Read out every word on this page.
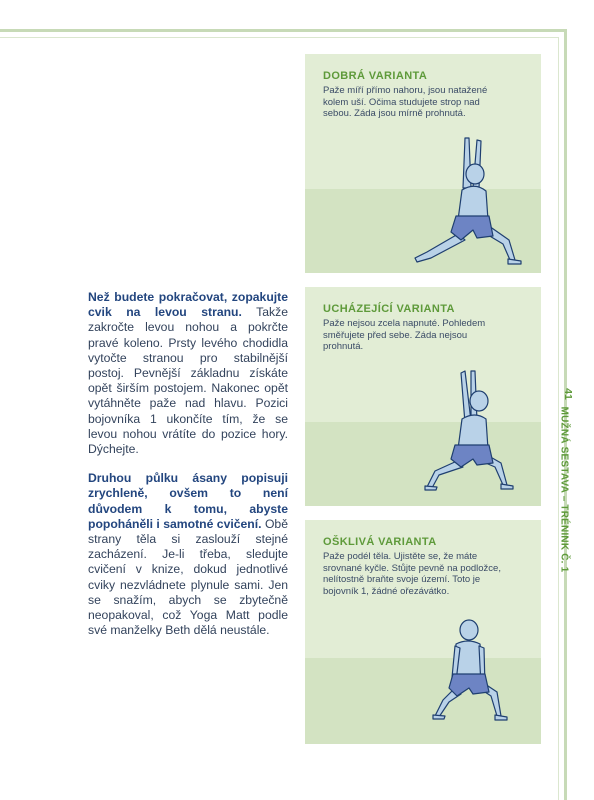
Než budete pokračovat, zopakujte cvik na levou stranu. Takže zakročte levou nohou a pokrčte pravé koleno. Prsty levého chodidla vytočte stranou pro stabilnější postoj. Pevnější základnu získáte opět širším postojem. Nakonec opět vytáhněte paže nad hlavu. Pozici bojovníka 1 ukončíte tím, že se levou nohou vrátíte do pozice hory. Dýchejte.

Druhou půlku ásany popisuji zrychleně, ovšem to není důvodem k tomu, abyste popoháněli i samotné cvičení. Obě strany těla si zaslouží stejné zacházení. Je-li třeba, sledujte cvičení v knize, dokud jednotlivé cviky nezvládnete plynule sami. Jen se snažím, abych se zbytečně neopakoval, což Yoga Matt podle své manželky Beth dělá neustále.

DOBRÁ VARIANTA
Paže míří přímo nahoru, jsou natažené kolem uší. Očima studujete strop nad sebou. Záda jsou mírně prohnutá.
UCHÁZEJÍCÍ VARIANTA
Paže nejsou zcela napnuté. Pohledem směřujete před sebe. Záda nejsou prohnutá.
OŠKLIVÁ VARIANTA
Paže podél těla. Ujistěte se, že máte srovnané kyčle. Stůjte pevně na podložce, nelítostně braňte svoje území. Toto je bojovník 1, žádné ořezávátko.
41
MUŽNÁ SESTAVA – TRÉNINK Č. 1
